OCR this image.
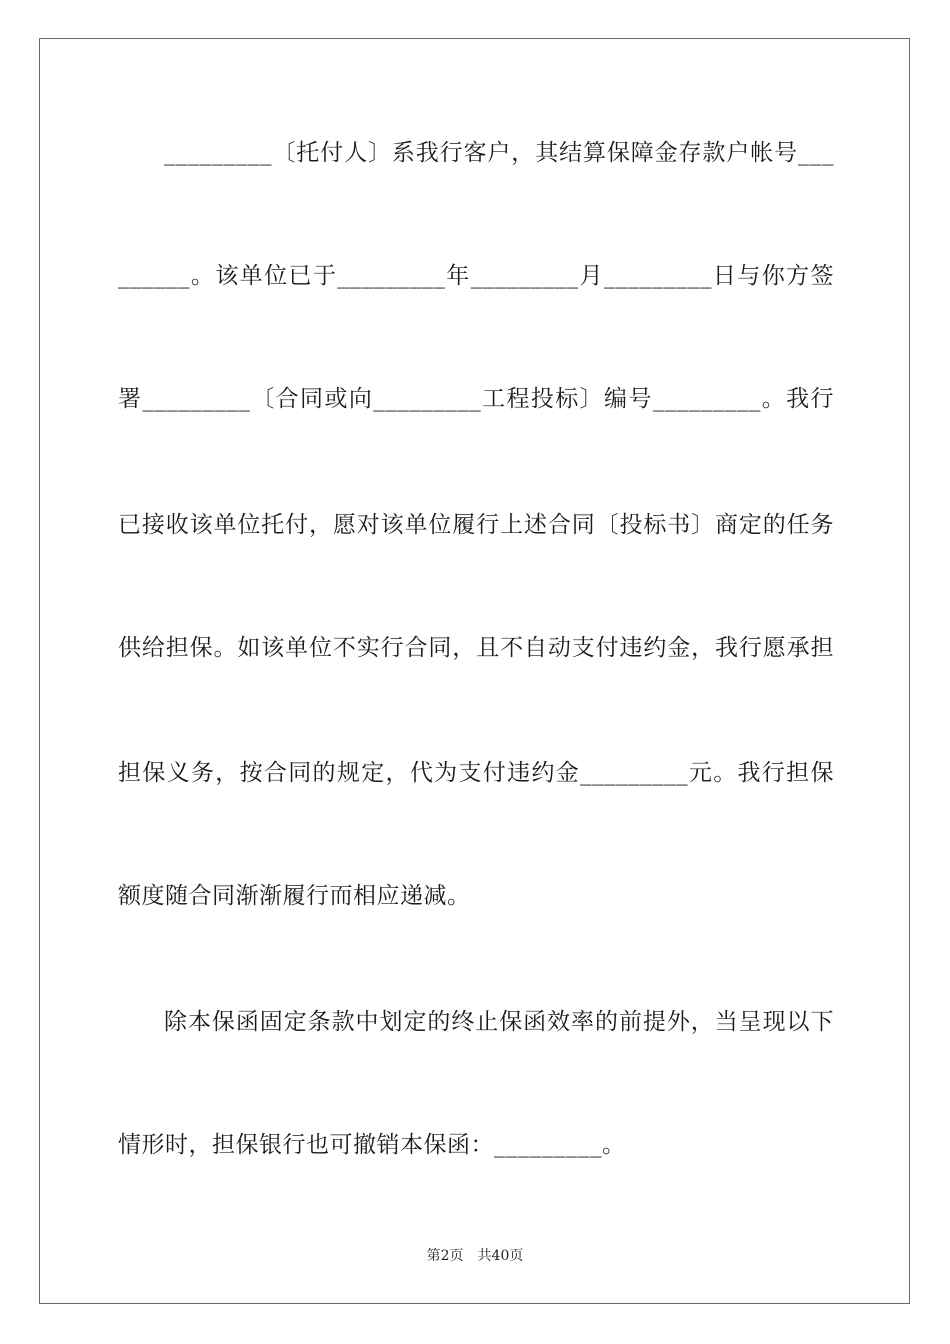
_________〔托付人〕系我行客户，其结算保障金存款户帐号___
______。该单位已于_________年_________月_________日与你方签
署_________〔合同或向_________工程投标〕编号_________。我行
已接收该单位托付，愿对该单位履行上述合同〔投标书〕商定的任务
供给担保。如该单位不实行合同，且不自动支付违约金，我行愿承担
担保义务，按合同的规定，代为支付违约金_________元。我行担保
额度随合同渐渐履行而相应递减。
除本保函固定条款中划定的终止保函效率的前提外，当呈现以下
情形时，担保银行也可撤销本保函：_________。
第2页　共40页
